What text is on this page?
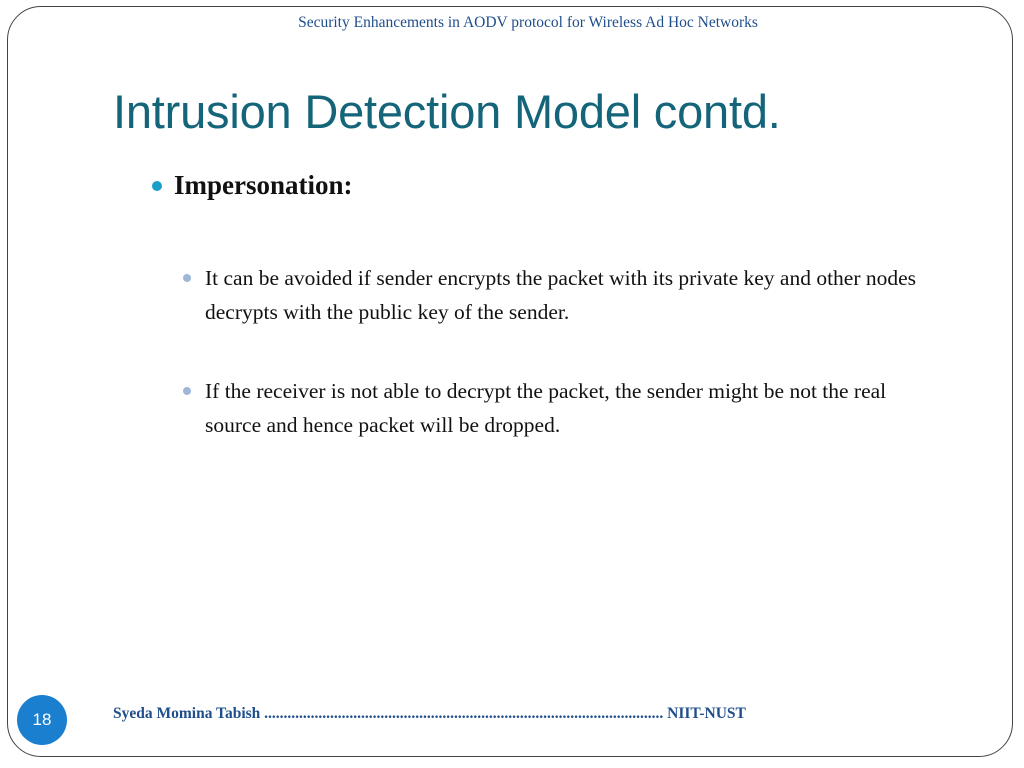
Security Enhancements in AODV protocol for Wireless Ad Hoc Networks
Intrusion Detection Model contd.
Impersonation:
It can be avoided if sender encrypts the packet with its private key and other nodes decrypts with the public key of the sender.
If the receiver is not able to decrypt the packet, the sender might be not the real source and hence packet will be dropped.
18	Syeda Momina Tabish ....................................................................................................... NIIT-NUST
